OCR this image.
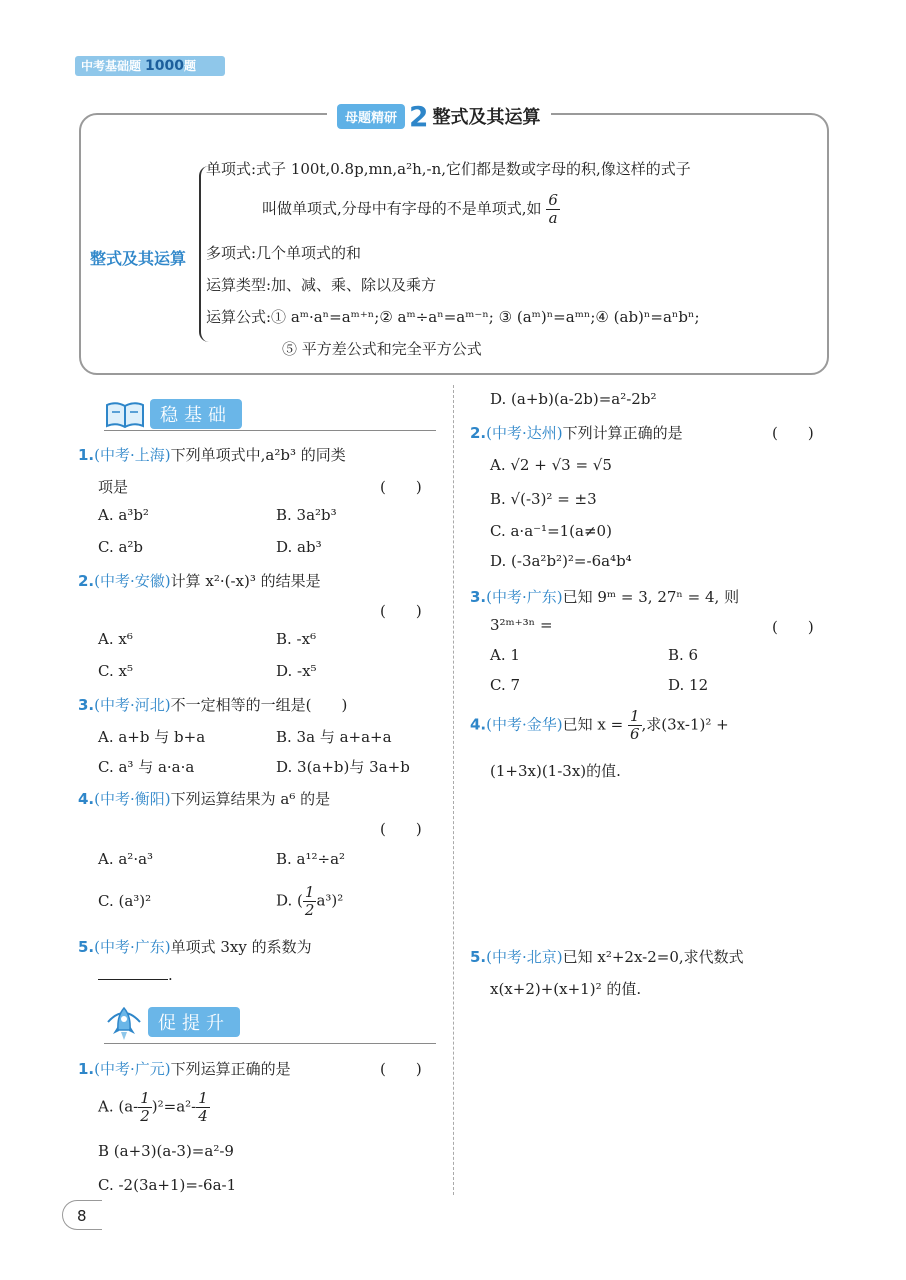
中考基础题 1000题
母题精研 2 整式及其运算
整式及其运算
单项式:式子 100t,0.8p,mn,a²h,-n,它们都是数或字母的积,像这样的式子
叫做单项式,分母中有字母的不是单项式,如 $\frac{6}{a}$
多项式:几个单项式的和
运算类型:加、减、乘、除以及乘方
运算公式:① aᵐ·aⁿ=aᵐ⁺ⁿ;② aᵐ÷aⁿ=aᵐ⁻ⁿ; ③ (aᵐ)ⁿ=aᵐⁿ;④ (ab)ⁿ=aⁿbⁿ;
⑤ 平方差公式和完全平方公式
稳基础
1.(中考·上海)下列单项式中,a²b³ 的同类
项是	(　　)
A. a³b²	B. 3a²b³
C. a²b	D. ab³
2.(中考·安徽)计算 x²·(-x)³ 的结果是
(　　)
A. x⁶	B. -x⁶
C. x⁵	D. -x⁵
3.(中考·河北)不一定相等的一组是(　　)
A. a+b 与 b+a	B. 3a 与 a+a+a
C. a³ 与 a·a·a	D. 3(a+b)与 3a+b
4.(中考·衡阳)下列运算结果为 a⁶ 的是
(　　)
A. a²·a³	B. a¹²÷a²
C. (a³)²	D. ( $\frac{1}{2} a^3)^2$
5.(中考·广东)单项式 3xy 的系数为
.
促提升
1.(中考·广元)下列运算正确的是	(　　)
A. $(a- \frac{1}{2} )^2=a^2- \frac{1}{4}$
B (a+3)(a-3)=a²-9
C. -2(3a+1)=-6a-1
D. (a+b)(a-2b)=a²-2b²
2.(中考·达州)下列计算正确的是	(　　)
A. √2 + √3 = √5
B. √(-3)² = ±3
C. a·a⁻¹=1(a≠0)
D. (-3a²b²)²=-6a⁴b⁴
3.(中考·广东)已知 9ᵐ = 3, 27ⁿ = 4, 则
3²ᵐ⁺³ⁿ =	(　　)
A. 1	B. 6
C. 7	D. 12
4.(中考·金华)已知 $x = \frac{1}{6}$ ,求(3x-1)² +
(1+3x)(1-3x)的值.
5.(中考·北京)已知 x²+2x-2=0,求代数式
x(x+2)+(x+1)² 的值.
8
